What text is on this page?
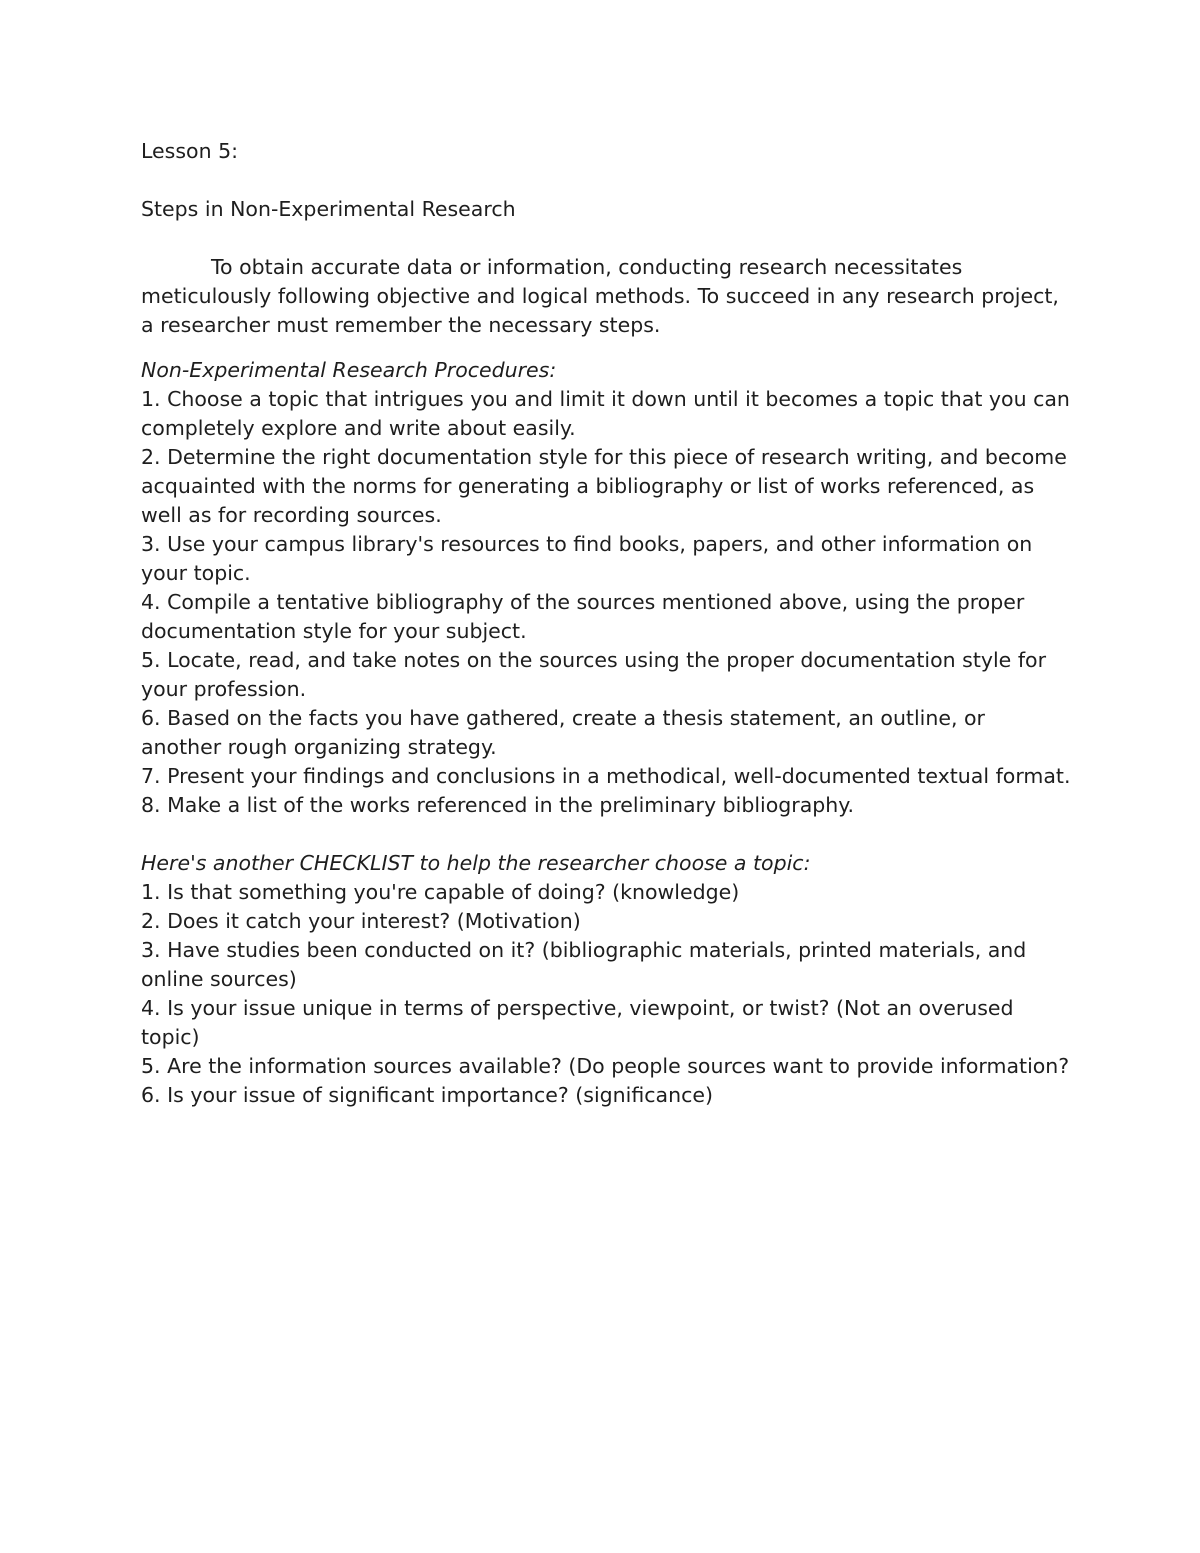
Lesson 5:

Steps in Non-Experimental Research

To obtain accurate data or information, conducting research necessitates meticulously following objective and logical methods. To succeed in any research project, a researcher must remember the necessary steps.

Non-Experimental Research Procedures:

1. Choose a topic that intrigues you and limit it down until it becomes a topic that you can completely explore and write about easily.
2. Determine the right documentation style for this piece of research writing, and become acquainted with the norms for generating a bibliography or list of works referenced, as well as for recording sources.
3. Use your campus library's resources to find books, papers, and other information on your topic.
4. Compile a tentative bibliography of the sources mentioned above, using the proper documentation style for your subject.
5. Locate, read, and take notes on the sources using the proper documentation style for your profession.
6. Based on the facts you have gathered, create a thesis statement, an outline, or another rough organizing strategy.
7. Present your findings and conclusions in a methodical, well-documented textual format.
8. Make a list of the works referenced in the preliminary bibliography.

Here's another CHECKLIST to help the researcher choose a topic:

1. Is that something you're capable of doing? (knowledge)
2. Does it catch your interest? (Motivation)
3. Have studies been conducted on it? (bibliographic materials, printed materials, and online sources)
4. Is your issue unique in terms of perspective, viewpoint, or twist? (Not an overused topic)
5. Are the information sources available? (Do people sources want to provide information?
6. Is your issue of significant importance? (significance)
